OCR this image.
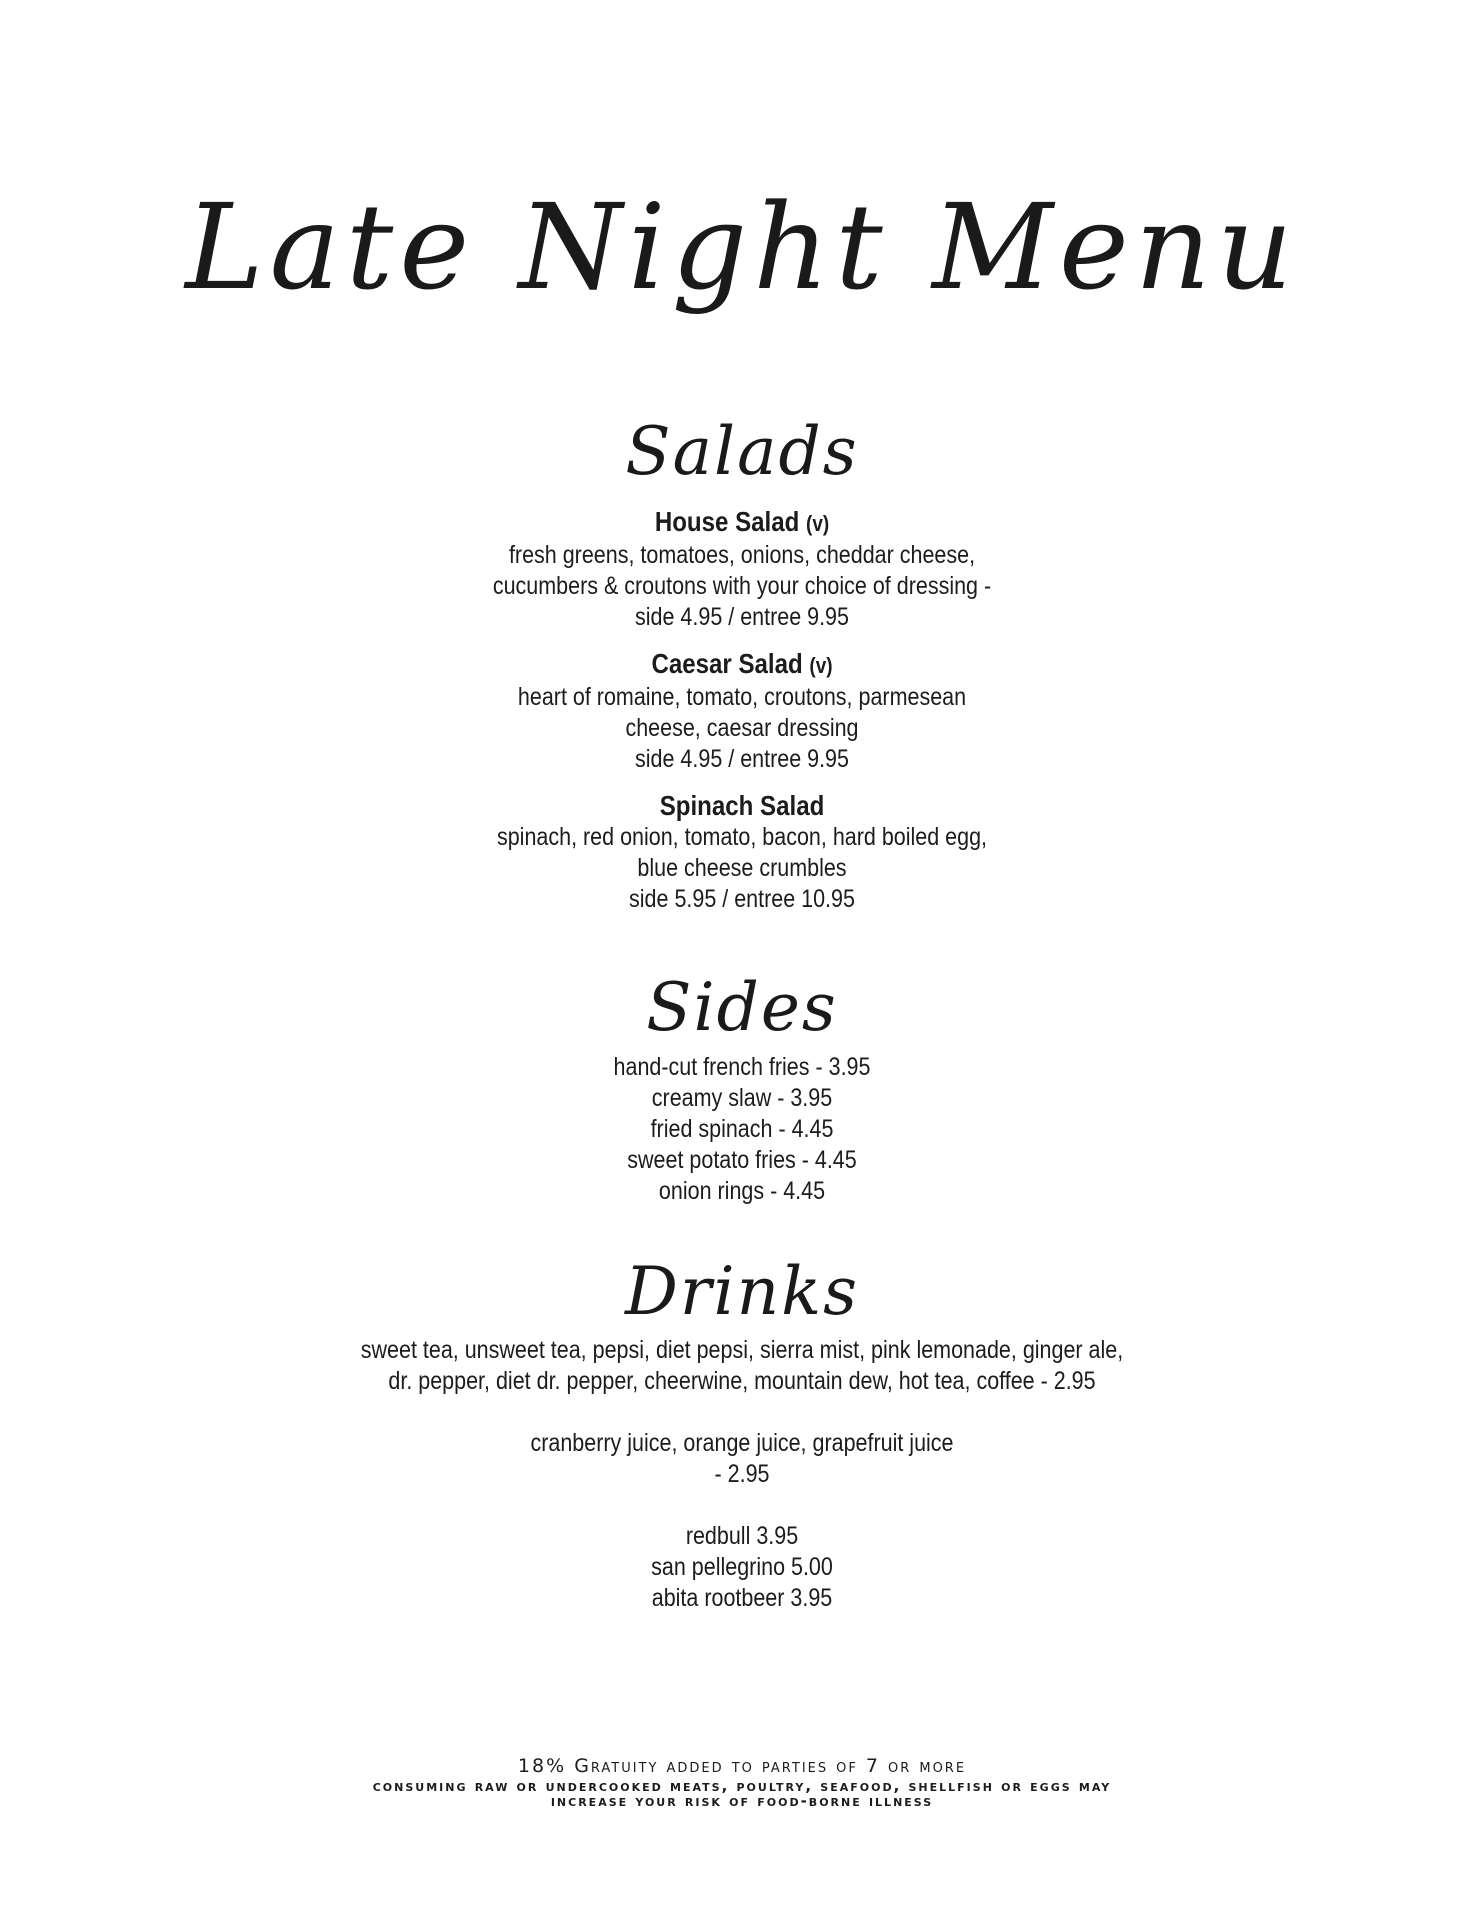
Late Night Menu
Salads
House Salad (v)
fresh greens, tomatoes, onions, cheddar cheese,
cucumbers & croutons with your choice of dressing -
side 4.95 / entree 9.95
Caesar Salad (v)
heart of romaine, tomato, croutons, parmesean
cheese, caesar dressing
side 4.95 / entree 9.95
Spinach Salad
spinach, red onion, tomato, bacon, hard boiled egg,
blue cheese crumbles
side 5.95 / entree 10.95
Sides
hand-cut french fries - 3.95
creamy slaw - 3.95
fried spinach - 4.45
sweet potato fries - 4.45
onion rings - 4.45
Drinks
sweet tea, unsweet tea, pepsi, diet pepsi, sierra mist, pink lemonade, ginger ale,
dr. pepper, diet dr. pepper, cheerwine, mountain dew, hot tea, coffee - 2.95
cranberry juice, orange juice, grapefruit juice
- 2.95
redbull 3.95
san pellegrino 5.00
abita rootbeer 3.95
18% Gratuity added to parties of 7 or more
consuming raw or undercooked meats, poultry, seafood, shellfish or eggs may
increase your risk of food-borne illness
